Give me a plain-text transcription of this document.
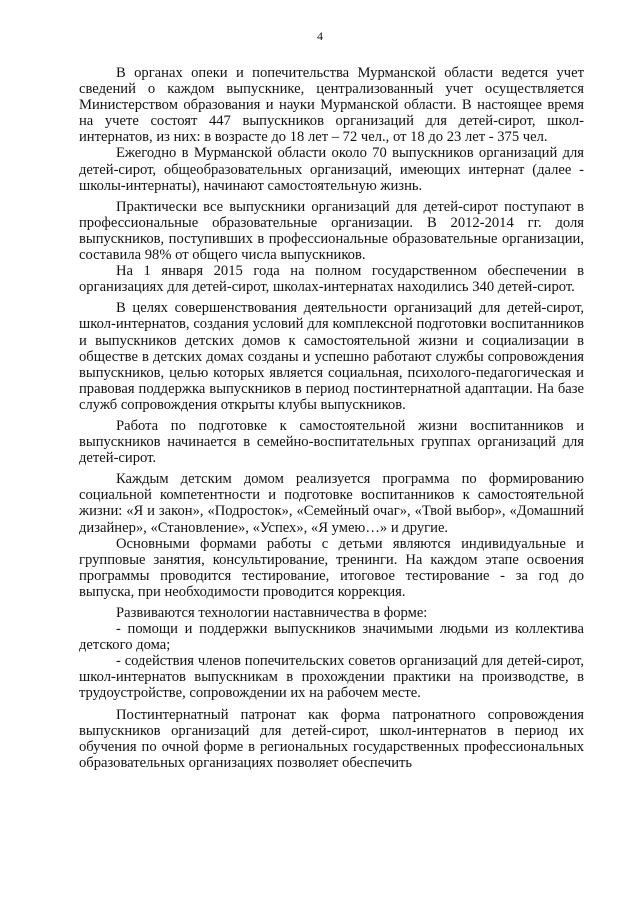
4

В органах опеки и попечительства Мурманской области ведется учет сведений о каждом выпускнике, централизованный учет осуществляется Министерством образования и науки Мурманской области. В настоящее время на учете состоят 447 выпускников организаций для детей-сирот, школ-интернатов, из них: в возрасте до 18 лет – 72 чел., от 18 до 23 лет - 375 чел.

Ежегодно в Мурманской области около 70 выпускников организаций для детей-сирот, общеобразовательных организаций, имеющих интернат (далее - школы-интернаты), начинают самостоятельную жизнь.

Практически все выпускники организаций для детей-сирот поступают в профессиональные образовательные организации. В 2012-2014 гг. доля выпускников, поступивших в профессиональные образовательные организации, составила 98% от общего числа выпускников.

На 1 января 2015 года на полном государственном обеспечении в организациях для детей-сирот, школах-интернатах находились 340 детей-сирот.

В целях совершенствования деятельности организаций для детей-сирот, школ-интернатов, создания условий для комплексной подготовки воспитанников и выпускников детских домов к самостоятельной жизни и социализации в обществе в детских домах созданы и успешно работают службы сопровождения выпускников, целью которых является социальная, психолого-педагогическая и правовая поддержка выпускников в период постинтернатной адаптации. На базе служб сопровождения открыты клубы выпускников.

Работа по подготовке к самостоятельной жизни воспитанников и выпускников начинается в семейно-воспитательных группах организаций для детей-сирот.

Каждым детским домом реализуется программа по формированию социальной компетентности и подготовке воспитанников к самостоятельной жизни: «Я и закон», «Подросток», «Семейный очаг», «Твой выбор», «Домашний дизайнер», «Становление», «Успех», «Я умею…» и другие.

Основными формами работы с детьми являются индивидуальные и групповые занятия, консультирование, тренинги. На каждом этапе освоения программы проводится тестирование, итоговое тестирование - за год до выпуска, при необходимости проводится коррекция.

Развиваются технологии наставничества в форме:

- помощи и поддержки выпускников значимыми людьми из коллектива детского дома;

- содействия членов попечительских советов организаций для детей-сирот, школ-интернатов выпускникам в прохождении практики на производстве, в трудоустройстве, сопровождении их на рабочем месте.

Постинтернатный патронат как форма патронатного сопровождения выпускников организаций для детей-сирот, школ-интернатов в период их обучения по очной форме в региональных государственных профессиональных образовательных организациях позволяет обеспечить
